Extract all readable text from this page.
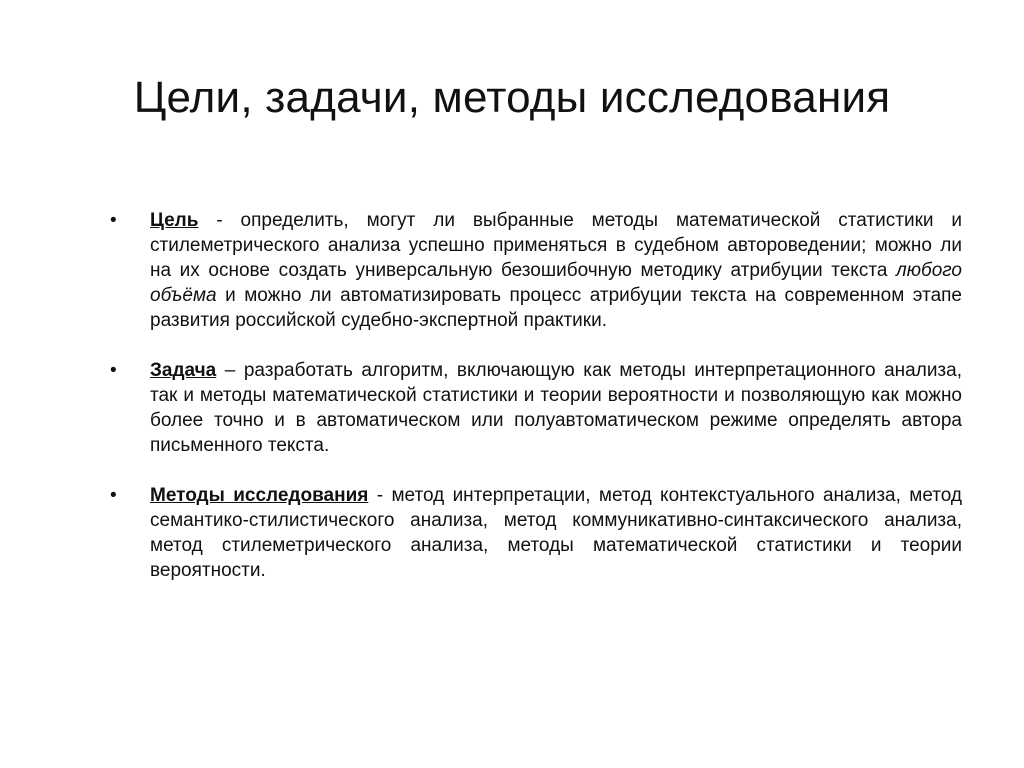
Цели, задачи, методы исследования
• Цель - определить, могут ли выбранные методы математической статистики и стилеметрического анализа успешно применяться в судебном автороведении; можно ли на их основе создать универсальную безошибочную методику атрибуции текста любого объёма и можно ли автоматизировать процесс атрибуции текста на современном этапе развития российской судебно-экспертной практики.
• Задача – разработать алгоритм, включающую как методы интерпретационного анализа, так и методы математической статистики и теории вероятности и позволяющую как можно более точно и в автоматическом или полуавтоматическом режиме определять автора письменного текста.
• Методы исследования - метод интерпретации, метод контекстуального анализа, метод семантико-стилистического анализа, метод коммуникативно-синтаксического анализа, метод стилеметрического анализа, методы математической статистики и теории вероятности.
